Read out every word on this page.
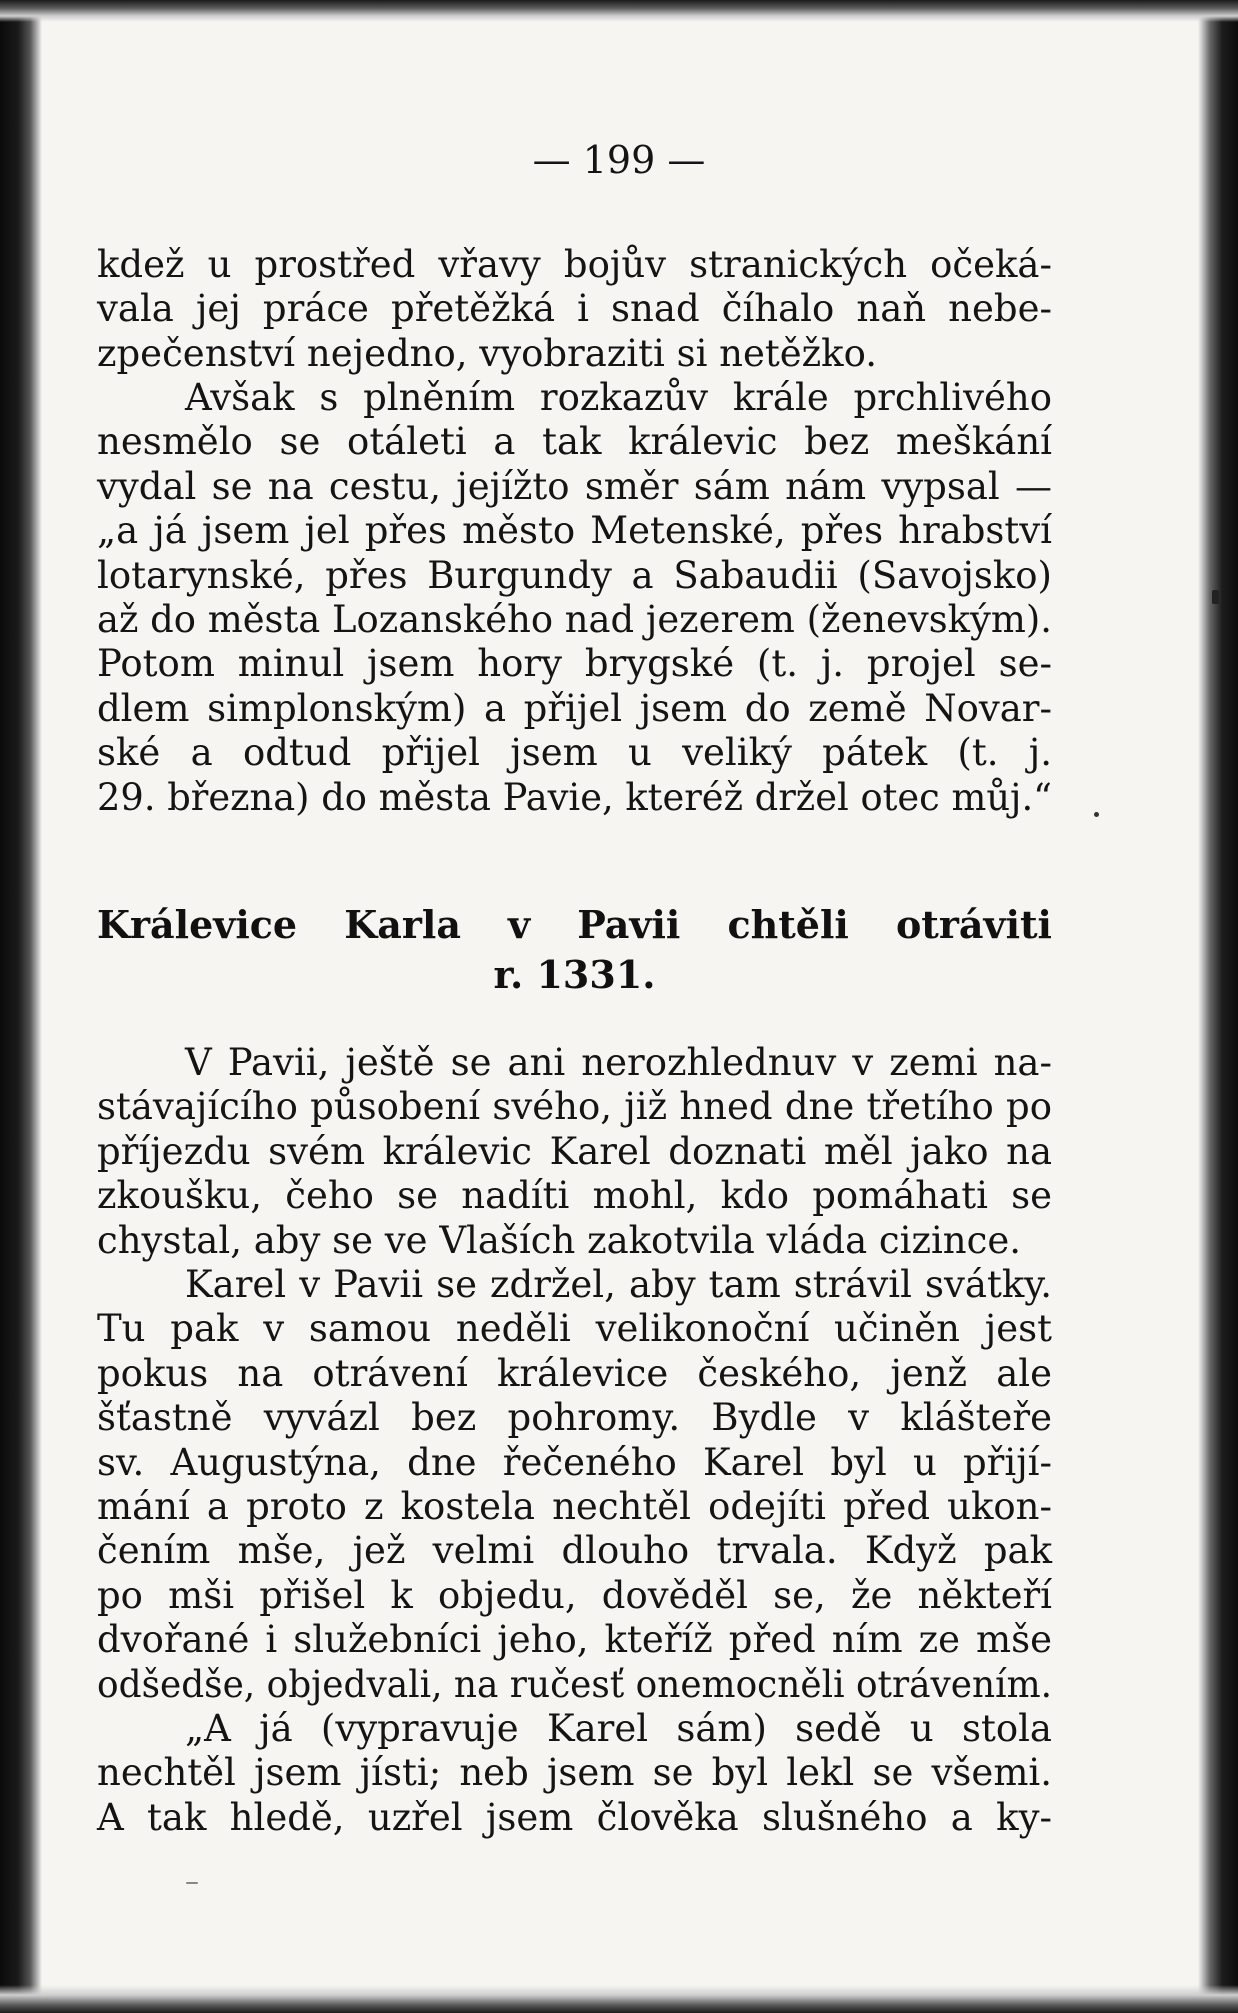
— 199 —
kdež u prostřed vřavy bojův stranických očeká-
vala jej práce přetěžká i snad číhalo naň nebe-
zpečenství nejedno, vyobraziti si netěžko.
Avšak s plněním rozkazův krále prchlivého
nesmělo se otáleti a tak králevic bez meškání
vydal se na cestu, jejížto směr sám nám vypsal —
„a já jsem jel přes město Metenské, přes hrabství
lotarynské, přes Burgundy a Sabaudii (Savojsko)
až do města Lozanského nad jezerem (ženevským).
Potom minul jsem hory brygské (t. j. projel se-
dlem simplonským) a přijel jsem do země Novar-
ské a odtud přijel jsem u veliký pátek (t. j.
29. března) do města Pavie, kteréž držel otec můj.“
Králevice Karla v Pavii chtěli otráviti
r. 1331.
V Pavii, ještě se ani nerozhlednuv v zemi na-
stávajícího působení svého, již hned dne třetího po
příjezdu svém králevic Karel doznati měl jako na
zkoušku, čeho se nadíti mohl, kdo pomáhati se
chystal, aby se ve Vlaších zakotvila vláda cizince.
Karel v Pavii se zdržel, aby tam strávil svátky.
Tu pak v samou neděli velikonoční učiněn jest
pokus na otrávení králevice českého, jenž ale
šťastně vyvázl bez pohromy. Bydle v klášteře
sv. Augustýna, dne řečeného Karel byl u přijí-
mání a proto z kostela nechtěl odejíti před ukon-
čením mše, jež velmi dlouho trvala. Když pak
po mši přišel k objedu, dověděl se, že někteří
dvořané i služebníci jeho, kteříž před ním ze mše
odšedše, objedvali, na ručesť onemocněli otrávením.
„A já (vypravuje Karel sám) sedě u stola
nechtěl jsem jísti; neb jsem se byl lekl se všemi.
A tak hledě, uzřel jsem člověka slušného a ky-
